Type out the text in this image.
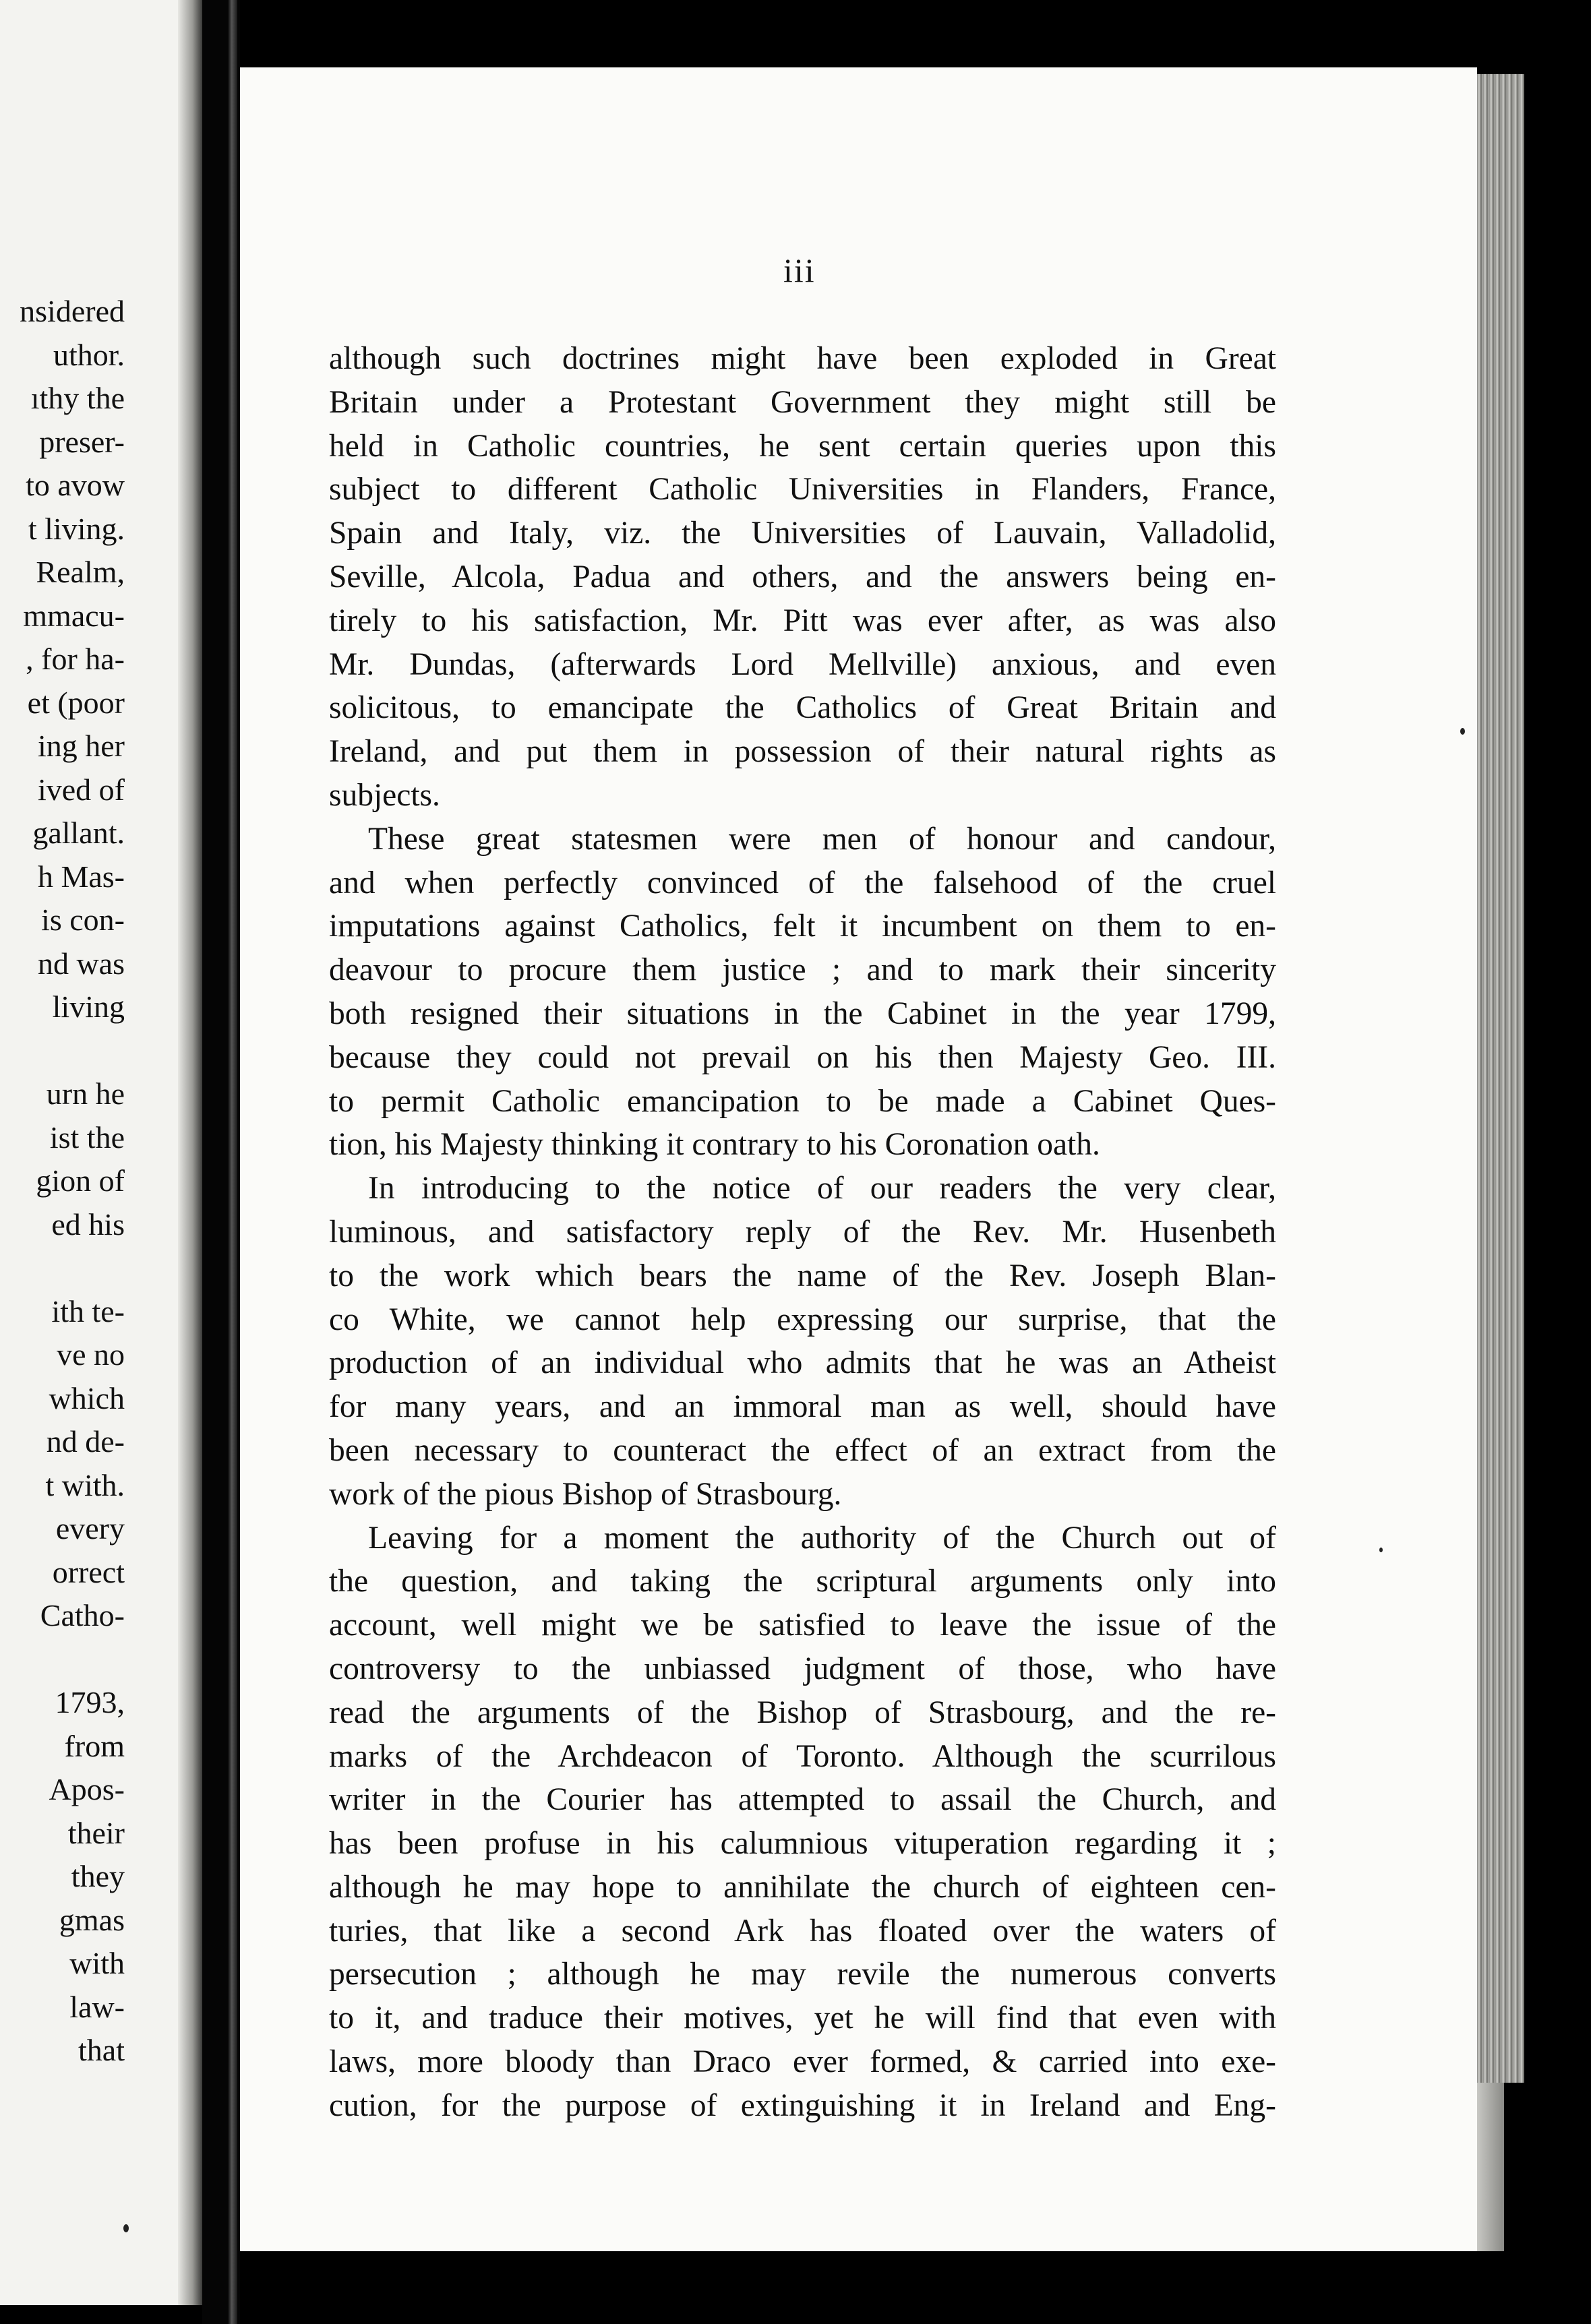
nsidered
uthor.
ıthy the
preser-
to avow
t living.
Realm,
mmacu-
, for ha-
et (poor
ing her
ived of
gallant.
h Mas-
is con-
nd was
living
urn he
ist the
gion of
ed his
ith te-
ve no
which
nd de-
t with.
every
orrect
Catho-
1793,
from
Apos-
their
they
gmas
with
law-
that
iii
although such doctrines might have been exploded in Great
Britain under a Protestant Government they might still be
held in Catholic countries, he sent certain queries upon this
subject to different Catholic Universities in Flanders, France,
Spain and Italy, viz. the Universities of Lauvain, Valladolid,
Seville, Alcola, Padua and others, and the answers being en-
tirely to his satisfaction, Mr. Pitt was ever after, as was also
Mr. Dundas, (afterwards Lord Mellville) anxious, and even
solicitous, to emancipate the Catholics of Great Britain and
Ireland, and put them in possession of their natural rights as
subjects.
These great statesmen were men of honour and candour,
and when perfectly convinced of the falsehood of the cruel
imputations against Catholics, felt it incumbent on them to en-
deavour to procure them justice ; and to mark their sincerity
both resigned their situations in the Cabinet in the year 1799,
because they could not prevail on his then Majesty Geo. III.
to permit Catholic emancipation to be made a Cabinet Ques-
tion, his Majesty thinking it contrary to his Coronation oath.
In introducing to the notice of our readers the very clear,
luminous, and satisfactory reply of the Rev. Mr. Husenbeth
to the work which bears the name of the Rev. Joseph Blan-
co White, we cannot help expressing our surprise, that the
production of an individual who admits that he was an Atheist
for many years, and an immoral man as well, should have
been necessary to counteract the effect of an extract from the
work of the pious Bishop of Strasbourg.
Leaving for a moment the authority of the Church out of
the question, and taking the scriptural arguments only into
account, well might we be satisfied to leave the issue of the
controversy to the unbiassed judgment of those, who have
read the arguments of the Bishop of Strasbourg, and the re-
marks of the Archdeacon of Toronto. Although the scurrilous
writer in the Courier has attempted to assail the Church, and
has been profuse in his calumnious vituperation regarding it ;
although he may hope to annihilate the church of eighteen cen-
turies, that like a second Ark has floated over the waters of
persecution ; although he may revile the numerous converts
to it, and traduce their motives, yet he will find that even with
laws, more bloody than Draco ever formed, & carried into exe-
cution, for the purpose of extinguishing it in Ireland and Eng-
